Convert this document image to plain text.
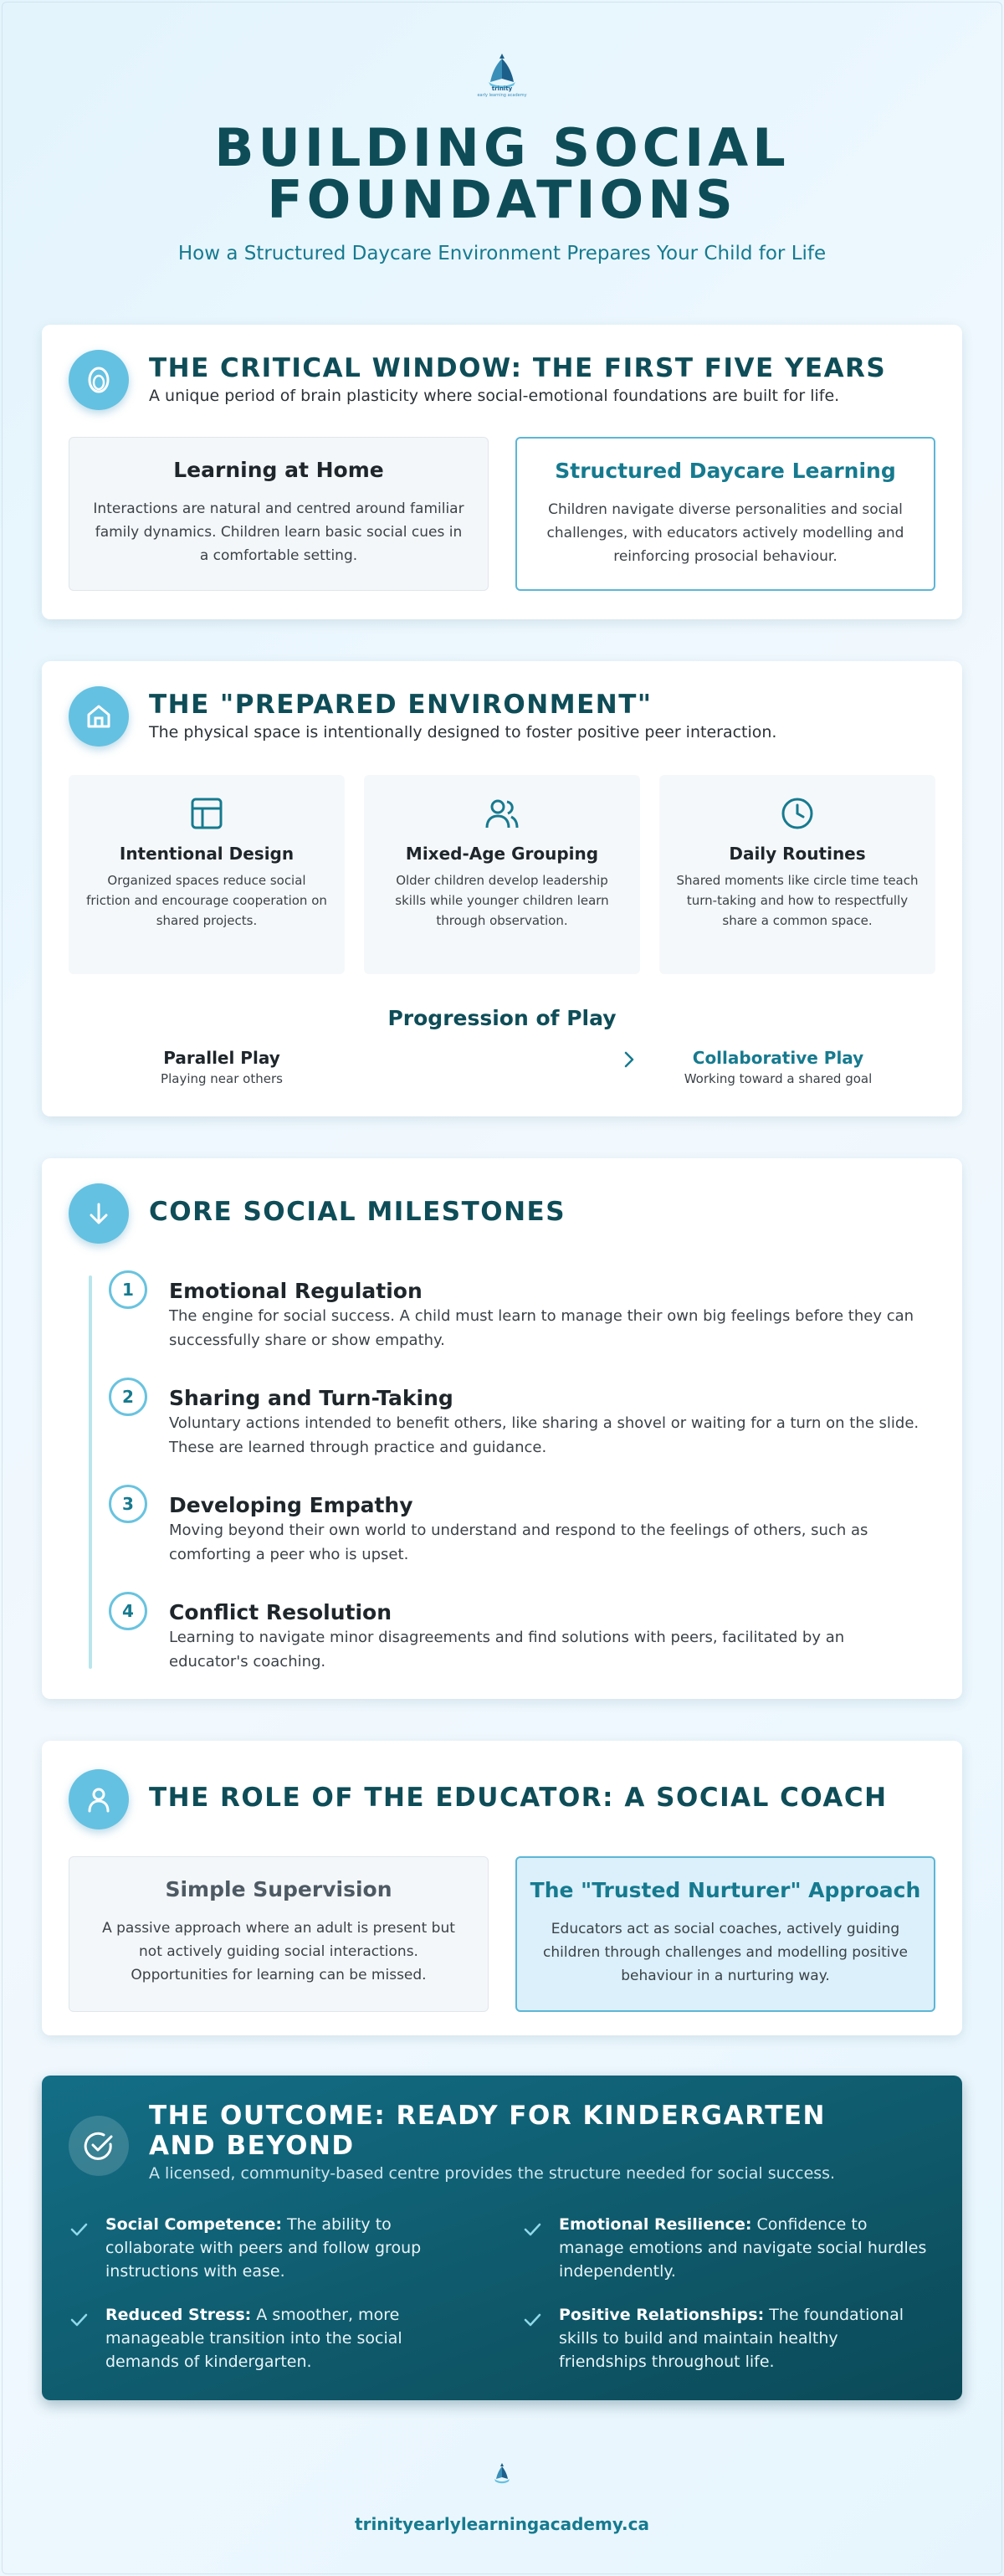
trinity
early learning academy
BUILDING SOCIAL FOUNDATIONS
How a Structured Daycare Environment Prepares Your Child for Life
THE CRITICAL WINDOW: THE FIRST FIVE YEARS

A unique period of brain plasticity where social-emotional foundations are built for life.

Learning at Home

Interactions are natural and centred around familiar family dynamics. Children learn basic social cues in a comfortable setting.

Structured Daycare Learning

Children navigate diverse personalities and social challenges, with educators actively modelling and reinforcing prosocial behaviour.

THE "PREPARED ENVIRONMENT"

The physical space is intentionally designed to foster positive peer interaction.

Intentional Design

Organized spaces reduce social friction and encourage cooperation on shared projects.

Mixed-Age Grouping

Older children develop leadership skills while younger children learn through observation.

Daily Routines

Shared moments like circle time teach turn-taking and how to respectfully share a common space.

Progression of Play
Parallel Play
Playing near others
Collaborative Play
Working toward a shared goal
CORE SOCIAL MILESTONES
1	Emotional Regulation

The engine for social success. A child must learn to manage their own big feelings before they can successfully share or show empathy.

2	Sharing and Turn-Taking

Voluntary actions intended to benefit others, like sharing a shovel or waiting for a turn on the slide. These are learned through practice and guidance.

3	Developing Empathy

Moving beyond their own world to understand and respond to the feelings of others, such as comforting a peer who is upset.

4	Conflict Resolution

Learning to navigate minor disagreements and find solutions with peers, facilitated by an educator's coaching.

THE ROLE OF THE EDUCATOR: A SOCIAL COACH
Simple Supervision

A passive approach where an adult is present but not actively guiding social interactions. Opportunities for learning can be missed.

The "Trusted Nurturer" Approach

Educators act as social coaches, actively guiding children through challenges and modelling positive behaviour in a nurturing way.

THE OUTCOME: READY FOR KINDERGARTEN AND BEYOND

A licensed, community-based centre provides the structure needed for social success.

Social Competence: The ability to collaborate with peers and follow group instructions with ease.
Emotional Resilience: Confidence to manage emotions and navigate social hurdles independently.
Reduced Stress: A smoother, more manageable transition into the social demands of kindergarten.
Positive Relationships: The foundational skills to build and maintain healthy friendships throughout life.
trinityearlylearningacademy.ca
